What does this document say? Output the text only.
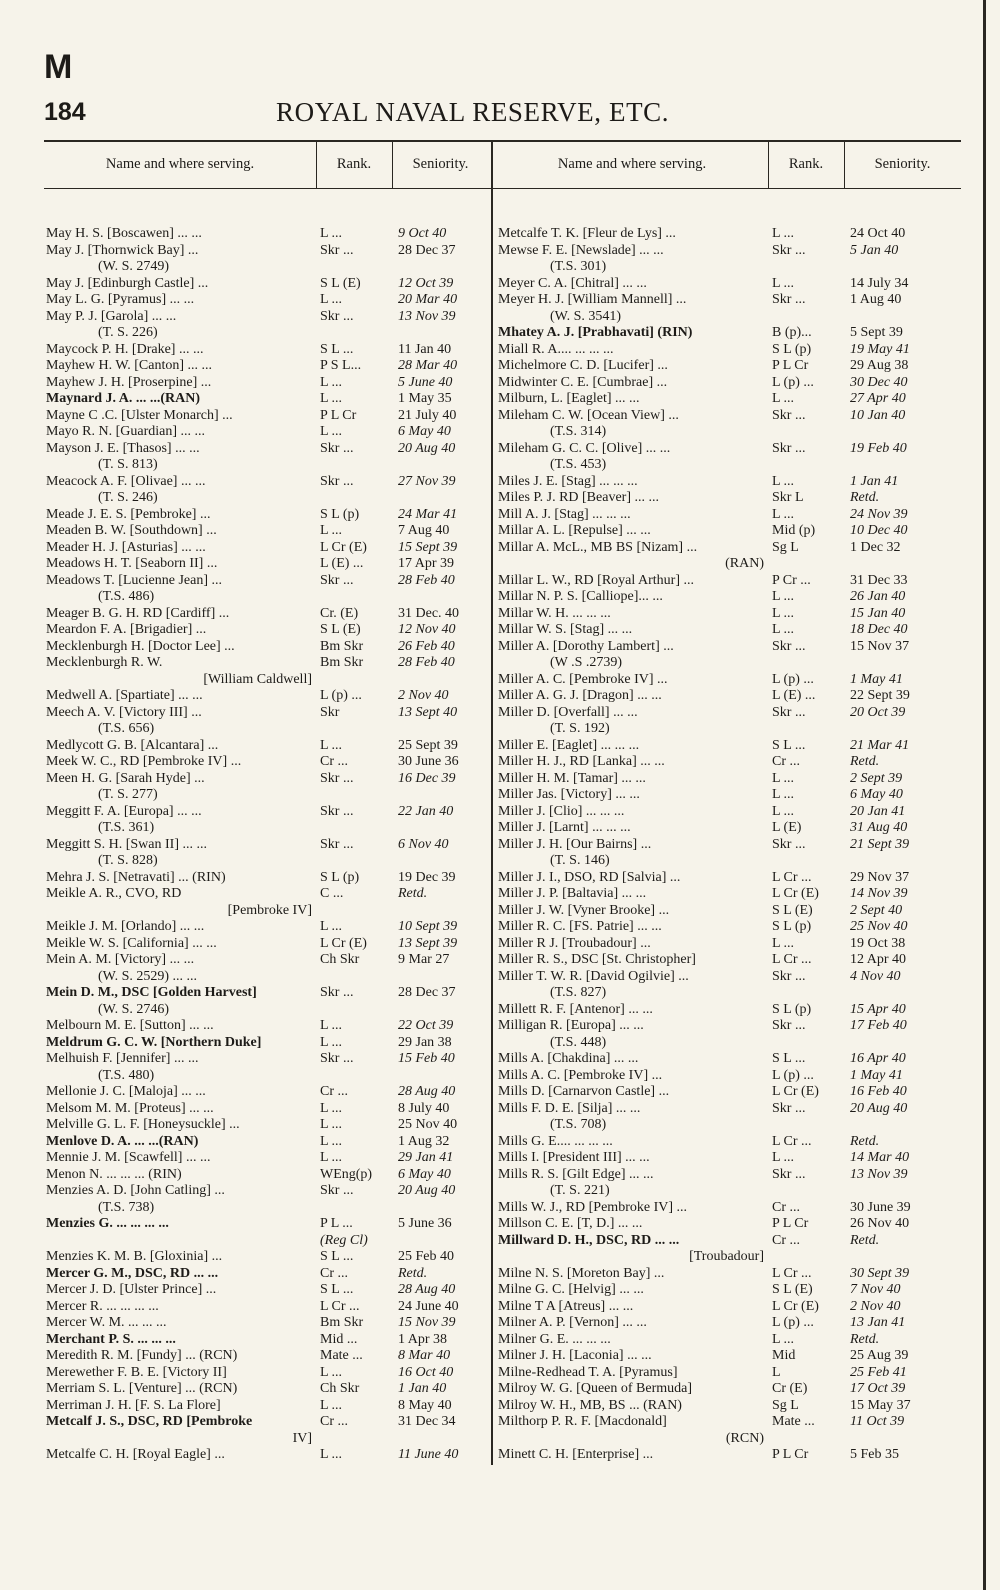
M
184	ROYAL NAVAL RESERVE, ETC.
Name and where serving.	Rank.	Seniority.
May H. S. [Boscawen] ... ...	L ...	9 Oct 40
May J. [Thornwick Bay] ...	Skr ...	28 Dec 37
(W. S. 2749)
May J. [Edinburgh Castle] ...	S L (E)	12 Oct 39
May L. G. [Pyramus] ... ...	L ...	20 Mar 40
May P. J. [Garola] ... ...	Skr ...	13 Nov 39
(T. S. 226)
Maycock P. H. [Drake] ... ...	S L ...	11 Jan 40
Mayhew H. W. [Canton] ... ...	P S L...	28 Mar 40
Mayhew J. H. [Proserpine] ...	L ...	5 June 40
Maynard J. A. ... ...(RAN)	L ...	1 May 35
Mayne C .C. [Ulster Monarch] ...	P L Cr	21 July 40
Mayo R. N. [Guardian] ... ...	L ...	6 May 40
Mayson J. E. [Thasos] ... ...	Skr ...	20 Aug 40
(T. S. 813)
Meacock A. F. [Olivae] ... ...	Skr ...	27 Nov 39
(T. S. 246)
Meade J. E. S. [Pembroke] ...	S L (p)	24 Mar 41
Meaden B. W. [Southdown] ...	L ...	7 Aug 40
Meader H. J. [Asturias] ... ...	L Cr (E)	15 Sept 39
Meadows H. T. [Seaborn II] ...	L (E) ...	17 Apr 39
Meadows T. [Lucienne Jean] ...	Skr ...	28 Feb 40
(T.S. 486)
Meager B. G. H. RD [Cardiff] ...	Cr. (E)	31 Dec. 40
Meardon F. A. [Brigadier] ...	S L (E)	12 Nov 40
Mecklenburgh H. [Doctor Lee] ...	Bm Skr	26 Feb 40
Mecklenburgh R. W.	Bm Skr	28 Feb 40
[William Caldwell]
Medwell A. [Spartiate] ... ...	L (p) ...	2 Nov 40
Meech A. V. [Victory III] ...	Skr	13 Sept 40
(T.S. 656)
Medlycott G. B. [Alcantara] ...	L ...	25 Sept 39
Meek W. C., RD [Pembroke IV] ...	Cr ...	30 June 36
Meen H. G. [Sarah Hyde] ...	Skr ...	16 Dec 39
(T. S. 277)
Meggitt F. A. [Europa] ... ...	Skr ...	22 Jan 40
(T.S. 361)
Meggitt S. H. [Swan II] ... ...	Skr ...	6 Nov 40
(T. S. 828)
Mehra J. S. [Netravati] ... (RIN)	S L (p)	19 Dec 39
Meikle A. R., CVO, RD	C ...	Retd.
[Pembroke IV]
Meikle J. M. [Orlando] ... ...	L ...	10 Sept 39
Meikle W. S. [California] ... ...	L Cr (E)	13 Sept 39
Mein A. M. [Victory] ... ...	Ch Skr	9 Mar 27
(W. S. 2529) ... ...
Mein D. M., DSC [Golden Harvest]	Skr ...	28 Dec 37
(W. S. 2746)
Melbourn M. E. [Sutton] ... ...	L ...	22 Oct 39
Meldrum G. C. W. [Northern Duke]	L ...	29 Jan 38
Melhuish F. [Jennifer] ... ...	Skr ...	15 Feb 40
(T.S. 480)
Mellonie J. C. [Maloja] ... ...	Cr ...	28 Aug 40
Melsom M. M. [Proteus] ... ...	L ...	8 July 40
Melville G. L. F. [Honeysuckle] ...	L ...	25 Nov 40
Menlove D. A. ... ...(RAN)	L ...	1 Aug 32
Mennie J. M. [Scawfell] ... ...	L ...	29 Jan 41
Menon N. ... ... ... (RIN)	WEng(p)	6 May 40
Menzies A. D. [John Catling] ...	Skr ...	20 Aug 40
(T.S. 738)
Menzies G. ... ... ... ...	P L ...	5 June 36
(Reg Cl)
Menzies K. M. B. [Gloxinia] ...	S L ...	25 Feb 40
Mercer G. M., DSC, RD ... ...	Cr ...	Retd.
Mercer J. D. [Ulster Prince] ...	S L ...	28 Aug 40
Mercer R. ... ... ... ...	L Cr ...	24 June 40
Mercer W. M. ... ... ...	Bm Skr	15 Nov 39
Merchant P. S. ... ... ...	Mid ...	1 Apr 38
Meredith R. M. [Fundy] ... (RCN)	Mate ...	8 Mar 40
Merewether F. B. E. [Victory II]	L ...	16 Oct 40
Merriam S. L. [Venture] ... (RCN)	Ch Skr	1 Jan 40
Merriman J. H. [F. S. La Flore]	L ...	8 May 40
Metcalf J. S., DSC, RD [Pembroke	Cr ...	31 Dec 34
IV]
Metcalfe C. H. [Royal Eagle] ...	L ...	11 June 40
Name and where serving.	Rank.	Seniority.
Metcalfe T. K. [Fleur de Lys] ...	L ...	24 Oct 40
Mewse F. E. [Newslade] ... ...	Skr ...	5 Jan 40
(T.S. 301)
Meyer C. A. [Chitral] ... ...	L ...	14 July 34
Meyer H. J. [William Mannell] ...	Skr ...	1 Aug 40
(W. S. 3541)
Mhatey A. J. [Prabhavati] (RIN)	B (p)...	5 Sept 39
Miall R. A.... ... ... ...	S L (p)	19 May 41
Michelmore C. D. [Lucifer] ...	P L Cr	29 Aug 38
Midwinter C. E. [Cumbrae] ...	L (p) ...	30 Dec 40
Milburn, L. [Eaglet] ... ...	L ...	27 Apr 40
Mileham C. W. [Ocean View] ...	Skr ...	10 Jan 40
(T.S. 314)
Mileham G. C. C. [Olive] ... ...	Skr ...	19 Feb 40
(T.S. 453)
Miles J. E. [Stag] ... ... ...	L ...	1 Jan 41
Miles P. J. RD [Beaver] ... ...	Skr L	Retd.
Mill A. J. [Stag] ... ... ...	L ...	24 Nov 39
Millar A. L. [Repulse] ... ...	Mid (p)	10 Dec 40
Millar A. McL., MB BS [Nizam] ...	Sg L	1 Dec 32
(RAN)
Millar L. W., RD [Royal Arthur] ...	P Cr ...	31 Dec 33
Millar N. P. S. [Calliope]... ...	L ...	26 Jan 40
Millar W. H. ... ... ...	L ...	15 Jan 40
Millar W. S. [Stag] ... ...	L ...	18 Dec 40
Miller A. [Dorothy Lambert] ...	Skr ...	15 Nov 37
(W .S .2739)
Miller A. C. [Pembroke IV] ...	L (p) ...	1 May 41
Miller A. G. J. [Dragon] ... ...	L (E) ...	22 Sept 39
Miller D. [Overfall] ... ...	Skr ...	20 Oct 39
(T. S. 192)
Miller E. [Eaglet] ... ... ...	S L ...	21 Mar 41
Miller H. J., RD [Lanka] ... ...	Cr ...	Retd.
Miller H. M. [Tamar] ... ...	L ...	2 Sept 39
Miller Jas. [Victory] ... ...	L ...	6 May 40
Miller J. [Clio] ... ... ...	L ...	20 Jan 41
Miller J. [Larnt] ... ... ...	L (E)	31 Aug 40
Miller J. H. [Our Bairns] ...	Skr ...	21 Sept 39
(T. S. 146)
Miller J. I., DSO, RD [Salvia] ...	L Cr ...	29 Nov 37
Miller J. P. [Baltavia] ... ...	L Cr (E)	14 Nov 39
Miller J. W. [Vyner Brooke] ...	S L (E)	2 Sept 40
Miller R. C. [FS. Patrie] ... ...	S L (p)	25 Nov 40
Miller R J. [Troubadour] ...	L ...	19 Oct 38
Miller R. S., DSC [St. Christopher]	L Cr ...	12 Apr 40
Miller T. W. R. [David Ogilvie] ...	Skr ...	4 Nov 40
(T.S. 827)
Millett R. F. [Antenor] ... ...	S L (p)	15 Apr 40
Milligan R. [Europa] ... ...	Skr ...	17 Feb 40
(T.S. 448)
Mills A. [Chakdina] ... ...	S L ...	16 Apr 40
Mills A. C. [Pembroke IV] ...	L (p) ...	1 May 41
Mills D. [Carnarvon Castle] ...	L Cr (E)	16 Feb 40
Mills F. D. E. [Silja] ... ...	Skr ...	20 Aug 40
(T.S. 708)
Mills G. E.... ... ... ...	L Cr ...	Retd.
Mills I. [President III] ... ...	L ...	14 Mar 40
Mills R. S. [Gilt Edge] ... ...	Skr ...	13 Nov 39
(T. S. 221)
Mills W. J., RD [Pembroke IV] ...	Cr ...	30 June 39
Millson C. E. [T, D.] ... ...	P L Cr	26 Nov 40
Millward D. H., DSC, RD ... ...	Cr ...	Retd.
[Troubadour]
Milne N. S. [Moreton Bay] ...	L Cr ...	30 Sept 39
Milne G. C. [Helvig] ... ...	S L (E)	7 Nov 40
Milne T A [Atreus] ... ...	L Cr (E)	2 Nov 40
Milner A. P. [Vernon] ... ...	L (p) ...	13 Jan 41
Milner G. E. ... ... ...	L ...	Retd.
Milner J. H. [Laconia] ... ...	Mid	25 Aug 39
Milne-Redhead T. A. [Pyramus]	L	25 Feb 41
Milroy W. G. [Queen of Bermuda]	Cr (E)	17 Oct 39
Milroy W. H., MB, BS ... (RAN)	Sg L	15 May 37
Milthorp P. R. F. [Macdonald]	Mate ...	11 Oct 39
(RCN)
Minett C. H. [Enterprise] ...	P L Cr	5 Feb 35
